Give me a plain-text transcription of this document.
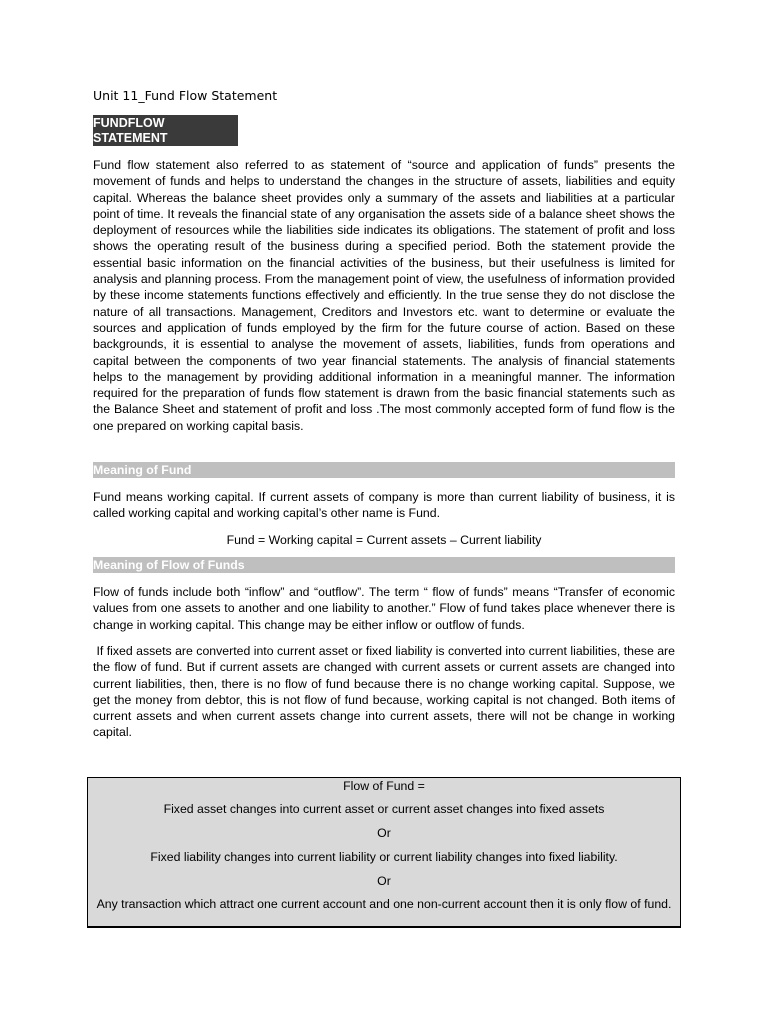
Unit 11_Fund Flow Statement
FUNDFLOW
STATEMENT

Fund flow statement also referred to as statement of “source and application of funds” presents the movement of funds and helps to understand the changes in the structure of assets, liabilities and equity capital. Whereas the balance sheet provides only a summary of the assets and liabilities at a particular point of time. It reveals the financial state of any organisation the assets side of a balance sheet shows the deployment of resources while the liabilities side indicates its obligations. The statement of profit and loss shows the operating result of the business during a specified period. Both the statement provide the essential basic information on the financial activities of the business, but their usefulness is limited for analysis and planning process. From the management point of view, the usefulness of information provided by these income statements functions effectively and efficiently. In the true sense they do not disclose the nature of all transactions. Management, Creditors and Investors etc. want to determine or evaluate the sources and application of funds employed by the firm for the future course of action. Based on these backgrounds, it is essential to analyse the movement of assets, liabilities, funds from operations and capital between the components of two year financial statements. The analysis of financial statements helps to the management by providing additional information in a meaningful manner. The information required for the preparation of funds flow statement is drawn from the basic financial statements such as the Balance Sheet and statement of profit and loss .The most commonly accepted form of fund flow is the one prepared on working capital basis.

Meaning of Fund

Fund means working capital. If current assets of company is more than current liability of business, it is called working capital and working capital’s other name is Fund.

Fund = Working capital = Current assets – Current liability
Meaning of Flow of Funds

Flow of funds include both “inflow” and “outflow”. The term “ flow of funds” means “Transfer of economic values from one assets to another and one liability to another.” Flow of fund takes place whenever there is change in working capital. This change may be either inflow or outflow of funds.

If fixed assets are converted into current asset or fixed liability is converted into current liabilities, these are the flow of fund. But if current assets are changed with current assets or current assets are changed into current liabilities, then, there is no flow of fund because there is no change working capital. Suppose, we get the money from debtor, this is not flow of fund because, working capital is not changed. Both items of current assets and when current assets change into current assets, there will not be change in working capital.

Flow of Fund =
Fixed asset changes into current asset or current asset changes into fixed assets
Or
Fixed liability changes into current liability or current liability changes into fixed liability.
Or
Any transaction which attract one current account and one non-current account then it is only flow of fund.
